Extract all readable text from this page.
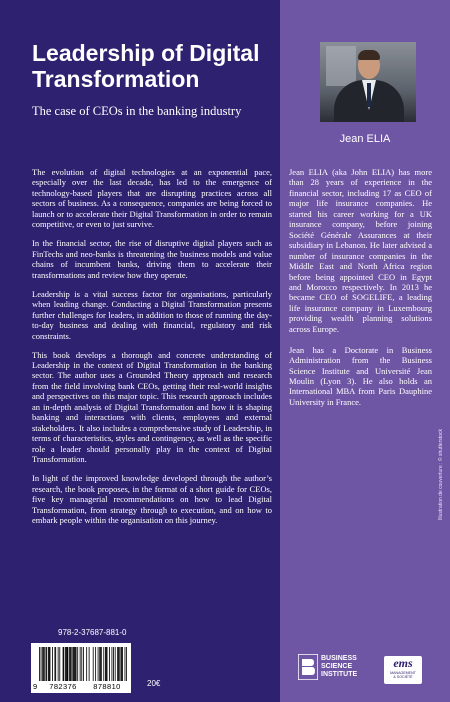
Leadership of Digital
Transformation
The case of CEOs in the banking industry

The evolution of digital technologies at an exponential pace, especially over the last decade, has led to the emergence of technology-based players that are disrupting practices across all sectors of business. As a consequence, companies are being forced to launch or to accelerate their Digital Transformation in order to remain competitive, or even to just survive.

In the financial sector, the rise of disruptive digital players such as FinTechs and neo-banks is threatening the business models and value chains of incumbent banks, driving them to accelerate their transformations and review how they operate.

Leadership is a vital success factor for organisations, particularly when leading change. Conducting a Digital Transformation presents further challenges for leaders, in addition to those of running the day-to-day business and dealing with financial, regulatory and risk constraints.

This book develops a thorough and concrete understanding of Leadership in the context of Digital Transformation in the banking sector. The author uses a Grounded Theory approach and research from the field involving bank CEOs, getting their real-world insights and perspectives on this major topic. This research approach includes an in-depth analysis of Digital Transformation and how it is shaping banking and interactions with clients, employees and external stakeholders. It also includes a comprehensive study of Leadership, in terms of characteristics, styles and contingency, as well as the specific role a leader should personally play in the context of Digital Transformation.

In light of the improved knowledge developed through the author’s research, the book proposes, in the format of a short guide for CEOs, five key managerial recommendations on how to lead Digital Transformation, from strategy through to execution, and on how to embark people within the organisation on this journey.

Jean ELIA

Jean ELIA (aka John ELIA) has more than 28 years of experience in the financial sector, including 17 as CEO of major life insurance companies. He started his career working for a UK insurance company, before joining Société Générale Assurances at their subsidiary in Lebanon. He later advised a number of insurance companies in the Middle East and North Africa region before being appointed CEO in Egypt and Morocco respectively. In 2013 he became CEO of SOGELIFE, a leading life insurance company in Luxembourg providing wealth planning solutions across Europe.

Jean has a Doctorate in Business Administration from the Business Science Institute and Université Jean Moulin (Lyon 3). He also holds an International MBA from Paris Dauphine University in France.

Illustration de couverture : © shutterstock
978-2-37687-881-0
9 782376 878810	20€
BUSINESS
SCIENCE
INSTITUTE
ems
MANAGEMENT
& SOCIÉTÉ
